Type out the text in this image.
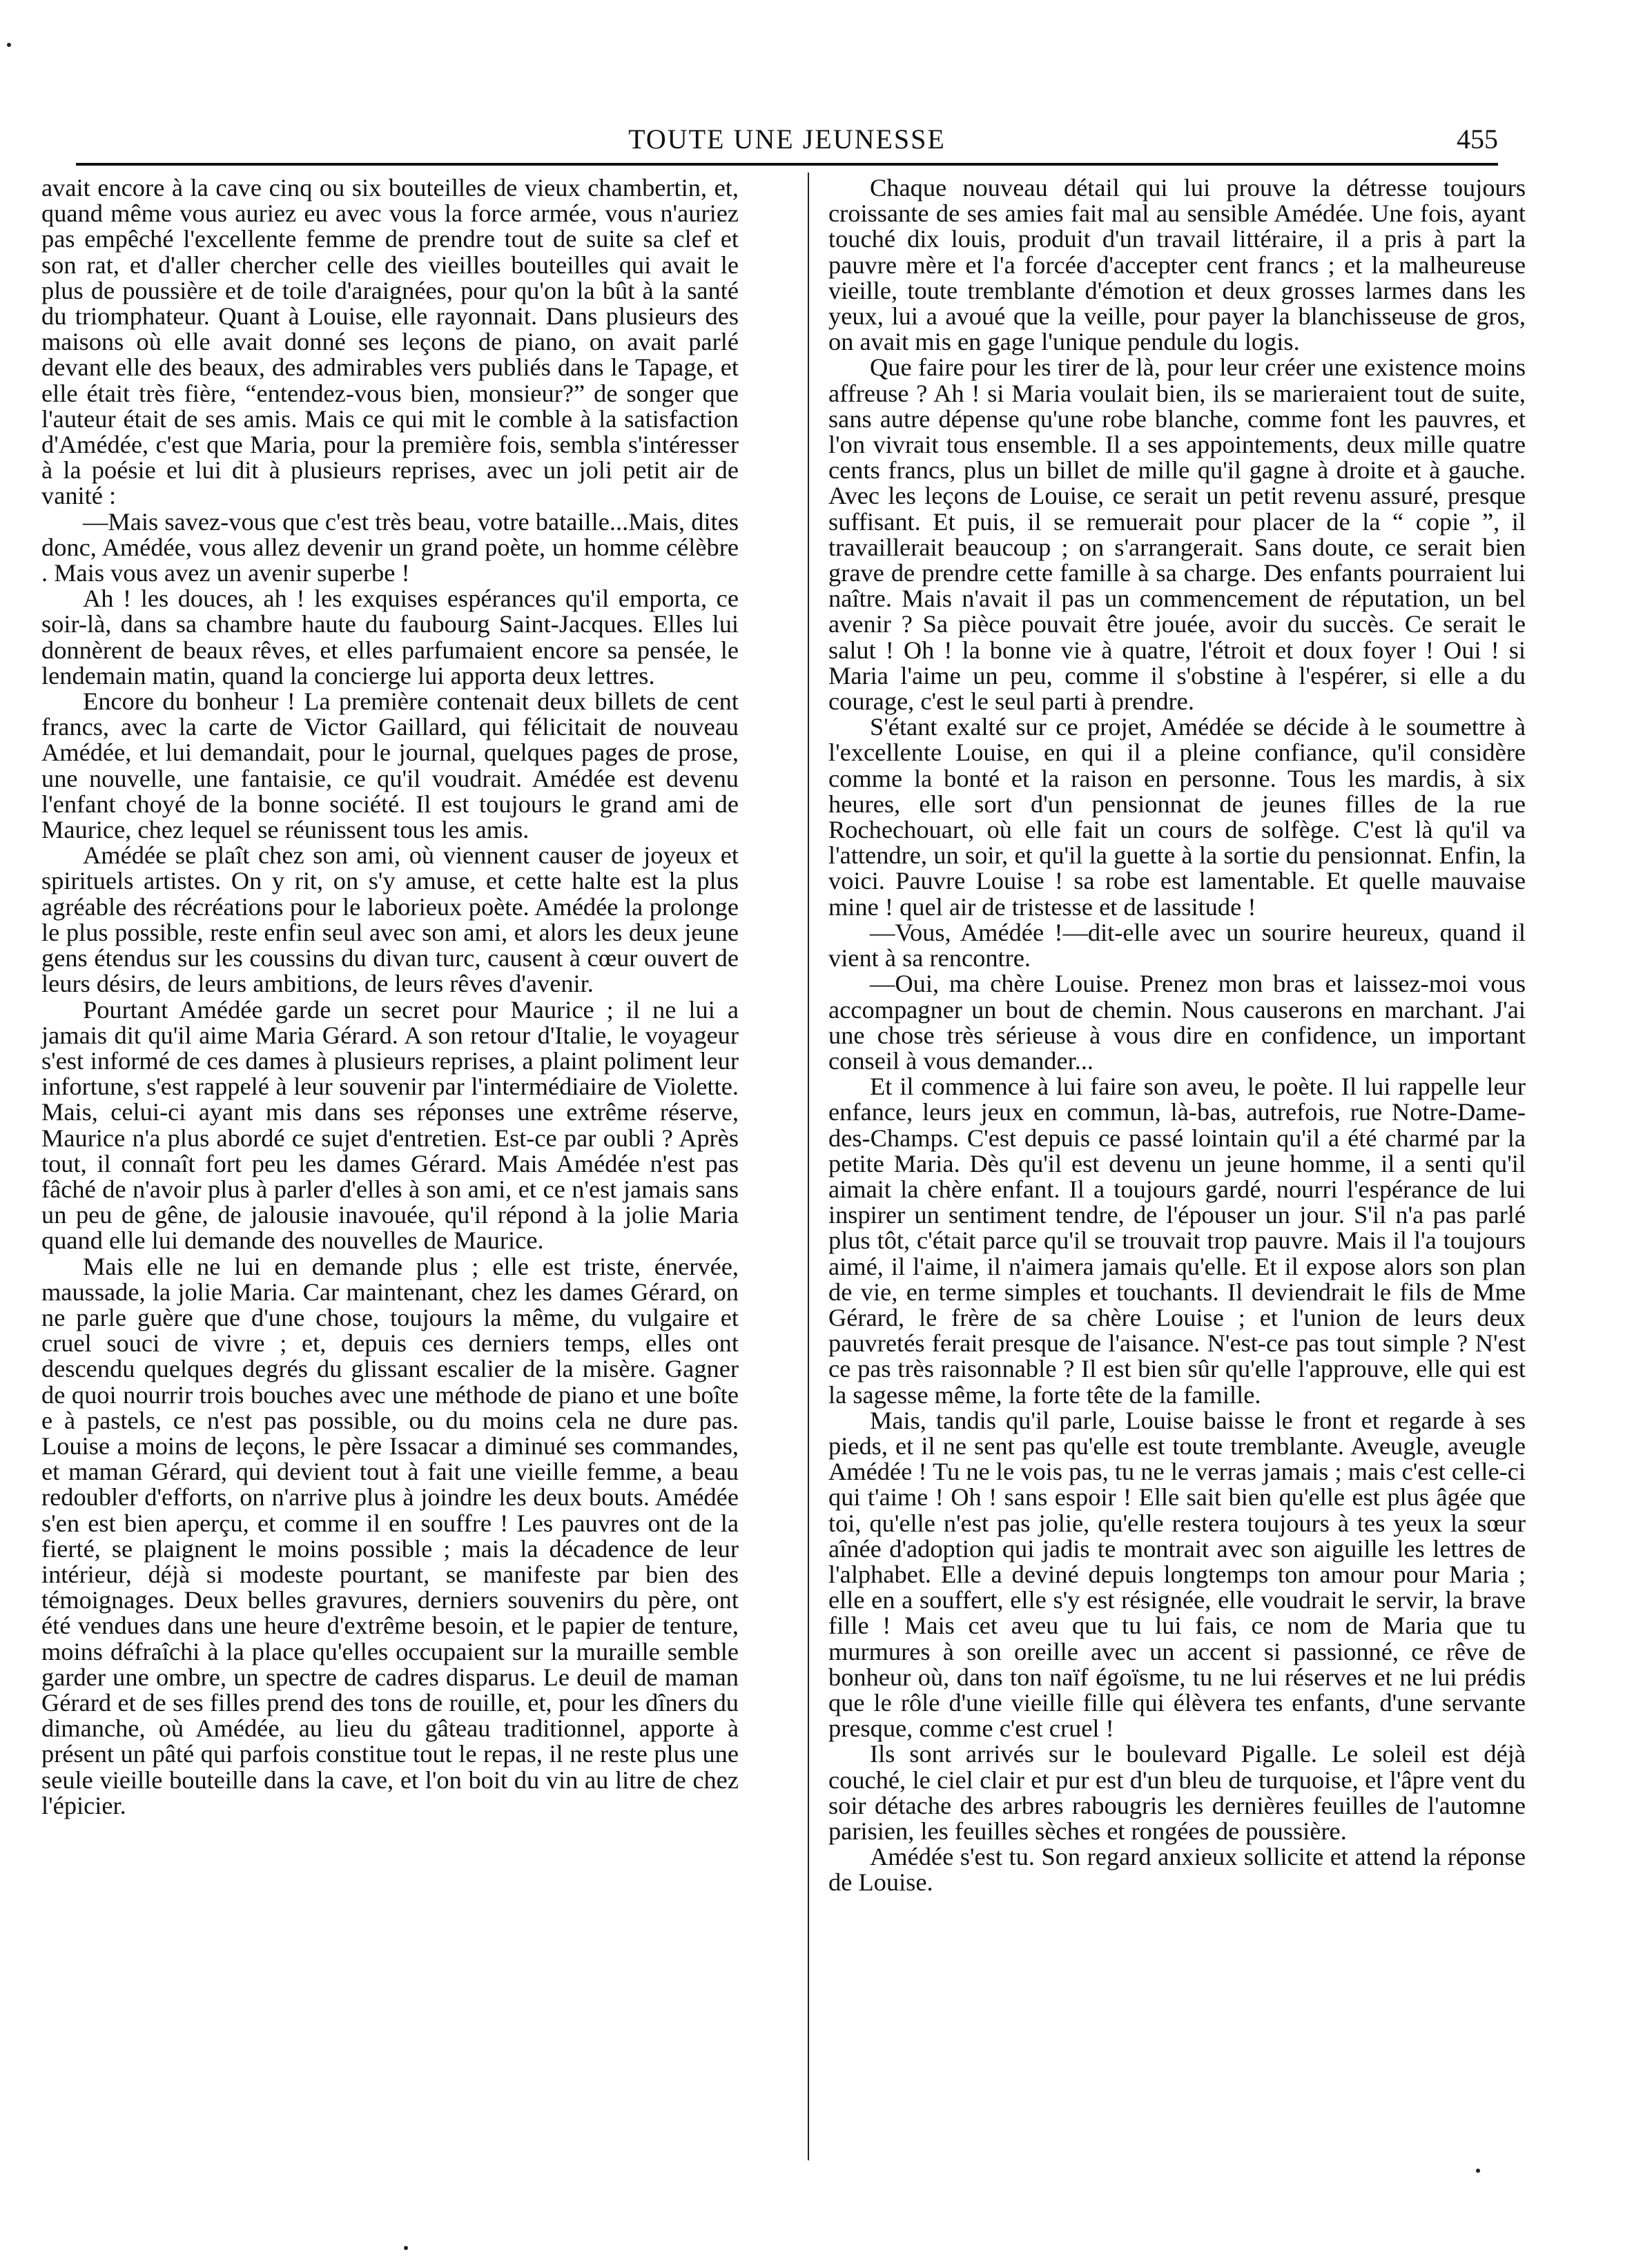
TOUTE UNE JEUNESSE	455

avait encore à la cave cinq ou six bouteilles de vieux chambertin, et, quand même vous auriez eu avec vous la force armée, vous n'auriez pas empêché l'excellente femme de prendre tout de suite sa clef et son rat, et d'aller chercher celle des vieilles bouteilles qui avait le plus de poussière et de toile d'araignées, pour qu'on la bût à la santé du triomphateur. Quant à Louise, elle rayonnait. Dans plusieurs des maisons où elle avait donné ses leçons de piano, on avait parlé devant elle des beaux, des admirables vers publiés dans le Tapage, et elle était très fière, “entendez-vous bien, monsieur?” de songer que l'auteur était de ses amis. Mais ce qui mit le comble à la satisfaction d'Amédée, c'est que Maria, pour la première fois, sembla s'intéresser à la poésie et lui dit à plusieurs reprises, avec un joli petit air de vanité :

—Mais savez-vous que c'est très beau, votre bataille...Mais, dites donc, Amédée, vous allez devenir un grand poète, un homme célèbre . Mais vous avez un avenir superbe !

Ah ! les douces, ah ! les exquises espérances qu'il emporta, ce soir-là, dans sa chambre haute du faubourg Saint-Jacques. Elles lui donnèrent de beaux rêves, et elles parfumaient encore sa pensée, le lendemain matin, quand la concierge lui apporta deux lettres.

Encore du bonheur ! La première contenait deux billets de cent francs, avec la carte de Victor Gaillard, qui félicitait de nouveau Amédée, et lui demandait, pour le journal, quelques pages de prose, une nouvelle, une fantaisie, ce qu'il voudrait. Amédée est devenu l'enfant choyé de la bonne société. Il est toujours le grand ami de Maurice, chez lequel se réunissent tous les amis.

Amédée se plaît chez son ami, où viennent causer de joyeux et spirituels artistes. On y rit, on s'y amuse, et cette halte est la plus agréable des récréations pour le laborieux poète. Amédée la prolonge le plus possible, reste enfin seul avec son ami, et alors les deux jeune gens étendus sur les coussins du divan turc, causent à cœur ouvert de leurs désirs, de leurs ambitions, de leurs rêves d'avenir.

Pourtant Amédée garde un secret pour Maurice ; il ne lui a jamais dit qu'il aime Maria Gérard. A son retour d'Italie, le voyageur s'est informé de ces dames à plusieurs reprises, a plaint poliment leur infortune, s'est rappelé à leur souvenir par l'intermédiaire de Violette. Mais, celui-ci ayant mis dans ses réponses une extrême réserve, Maurice n'a plus abordé ce sujet d'entretien. Est-ce par oubli ? Après tout, il connaît fort peu les dames Gérard. Mais Amédée n'est pas fâché de n'avoir plus à parler d'elles à son ami, et ce n'est jamais sans un peu de gêne, de jalousie inavouée, qu'il répond à la jolie Maria quand elle lui demande des nouvelles de Maurice.

Mais elle ne lui en demande plus ; elle est triste, énervée, maussade, la jolie Maria. Car maintenant, chez les dames Gérard, on ne parle guère que d'une chose, toujours la même, du vulgaire et cruel souci de vivre ; et, depuis ces derniers temps, elles ont descendu quelques degrés du glissant escalier de la misère. Gagner de quoi nourrir trois bouches avec une méthode de piano et une boîte e à pastels, ce n'est pas possible, ou du moins cela ne dure pas. Louise a moins de leçons, le père Issacar a diminué ses commandes, et maman Gérard, qui devient tout à fait une vieille femme, a beau redoubler d'efforts, on n'arrive plus à joindre les deux bouts. Amédée s'en est bien aperçu, et comme il en souffre ! Les pauvres ont de la fierté, se plaignent le moins possible ; mais la décadence de leur intérieur, déjà si modeste pourtant, se manifeste par bien des témoignages. Deux belles gravures, derniers souvenirs du père, ont été vendues dans une heure d'extrême besoin, et le papier de tenture, moins défraîchi à la place qu'elles occupaient sur la muraille semble garder une ombre, un spectre de cadres disparus. Le deuil de maman Gérard et de ses filles prend des tons de rouille, et, pour les dîners du dimanche, où Amédée, au lieu du gâteau traditionnel, apporte à présent un pâté qui parfois constitue tout le repas, il ne reste plus une seule vieille bouteille dans la cave, et l'on boit du vin au litre de chez l'épicier.

Chaque nouveau détail qui lui prouve la détresse toujours croissante de ses amies fait mal au sensible Amédée. Une fois, ayant touché dix louis, produit d'un travail littéraire, il a pris à part la pauvre mère et l'a forcée d'accepter cent francs ; et la malheureuse vieille, toute tremblante d'émotion et deux grosses larmes dans les yeux, lui a avoué que la veille, pour payer la blanchisseuse de gros, on avait mis en gage l'unique pendule du logis.

Que faire pour les tirer de là, pour leur créer une existence moins affreuse ? Ah ! si Maria voulait bien, ils se marieraient tout de suite, sans autre dépense qu'une robe blanche, comme font les pauvres, et l'on vivrait tous ensemble. Il a ses appointements, deux mille quatre cents francs, plus un billet de mille qu'il gagne à droite et à gauche. Avec les leçons de Louise, ce serait un petit revenu assuré, presque suffisant. Et puis, il se remuerait pour placer de la “ copie ”, il travaillerait beaucoup ; on s'arrangerait. Sans doute, ce serait bien grave de prendre cette famille à sa charge. Des enfants pourraient lui naître. Mais n'avait il pas un commencement de réputation, un bel avenir ? Sa pièce pouvait être jouée, avoir du succès. Ce serait le salut ! Oh ! la bonne vie à quatre, l'étroit et doux foyer ! Oui ! si Maria l'aime un peu, comme il s'obstine à l'espérer, si elle a du courage, c'est le seul parti à prendre.

S'étant exalté sur ce projet, Amédée se décide à le soumettre à l'excellente Louise, en qui il a pleine confiance, qu'il considère comme la bonté et la raison en personne. Tous les mardis, à six heures, elle sort d'un pensionnat de jeunes filles de la rue Rochechouart, où elle fait un cours de solfège. C'est là qu'il va l'attendre, un soir, et qu'il la guette à la sortie du pensionnat. Enfin, la voici. Pauvre Louise ! sa robe est lamentable. Et quelle mauvaise mine ! quel air de tristesse et de lassitude !

—Vous, Amédée !—dit-elle avec un sourire heureux, quand il vient à sa rencontre.

—Oui, ma chère Louise. Prenez mon bras et laissez-moi vous accompagner un bout de chemin. Nous causerons en marchant. J'ai une chose très sérieuse à vous dire en confidence, un important conseil à vous demander...

Et il commence à lui faire son aveu, le poète. Il lui rappelle leur enfance, leurs jeux en commun, là-bas, autrefois, rue Notre-Dame-des-Champs. C'est depuis ce passé lointain qu'il a été charmé par la petite Maria. Dès qu'il est devenu un jeune homme, il a senti qu'il aimait la chère enfant. Il a toujours gardé, nourri l'espérance de lui inspirer un sentiment tendre, de l'épouser un jour. S'il n'a pas parlé plus tôt, c'était parce qu'il se trouvait trop pauvre. Mais il l'a toujours aimé, il l'aime, il n'aimera jamais qu'elle. Et il expose alors son plan de vie, en terme simples et touchants. Il deviendrait le fils de Mme Gérard, le frère de sa chère Louise ; et l'union de leurs deux pauvretés ferait presque de l'aisance. N'est-ce pas tout simple ? N'est ce pas très raisonnable ? Il est bien sûr qu'elle l'approuve, elle qui est la sagesse même, la forte tête de la famille.

Mais, tandis qu'il parle, Louise baisse le front et regarde à ses pieds, et il ne sent pas qu'elle est toute tremblante. Aveugle, aveugle Amédée ! Tu ne le vois pas, tu ne le verras jamais ; mais c'est celle-ci qui t'aime ! Oh ! sans espoir ! Elle sait bien qu'elle est plus âgée que toi, qu'elle n'est pas jolie, qu'elle restera toujours à tes yeux la sœur aînée d'adoption qui jadis te montrait avec son aiguille les lettres de l'alphabet. Elle a deviné depuis longtemps ton amour pour Maria ; elle en a souffert, elle s'y est résignée, elle voudrait le servir, la brave fille ! Mais cet aveu que tu lui fais, ce nom de Maria que tu murmures à son oreille avec un accent si passionné, ce rêve de bonheur où, dans ton naïf égoïsme, tu ne lui réserves et ne lui prédis que le rôle d'une vieille fille qui élèvera tes enfants, d'une servante presque, comme c'est cruel !

Ils sont arrivés sur le boulevard Pigalle. Le soleil est déjà couché, le ciel clair et pur est d'un bleu de turquoise, et l'âpre vent du soir détache des arbres rabougris les dernières feuilles de l'automne parisien, les feuilles sèches et rongées de poussière.

Amédée s'est tu. Son regard anxieux sollicite et attend la réponse de Louise.
